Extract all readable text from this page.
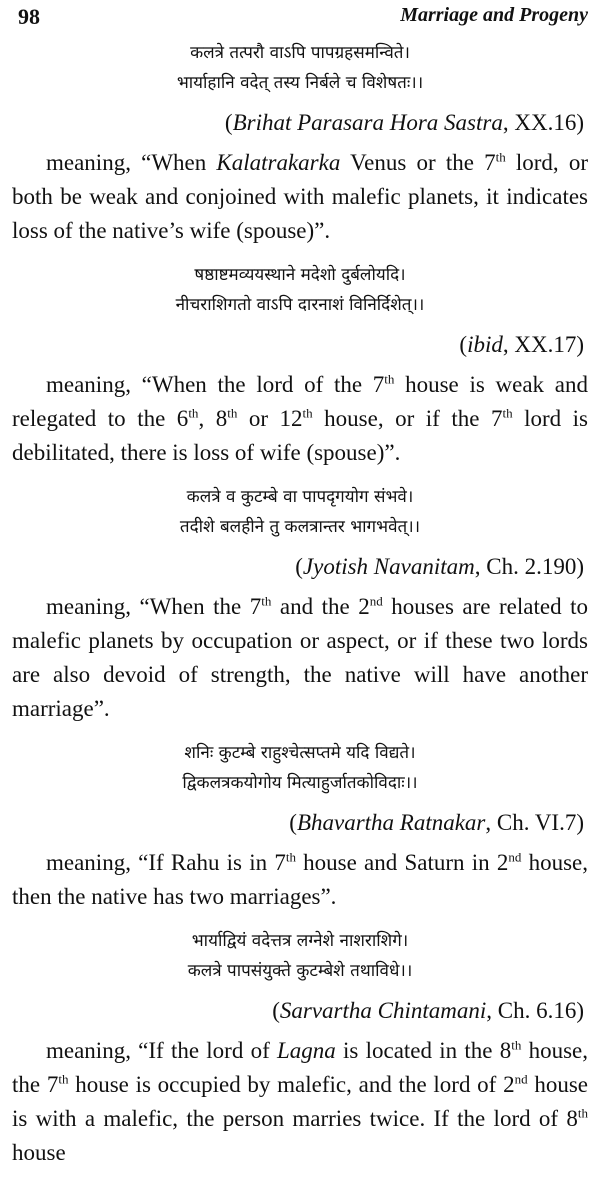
98	Marriage and Progeny
कलत्रे तत्परौ वाऽपि पापग्रहसमन्विते।
भार्याहानि वदेत् तस्य निर्बले च विशेषतः।।
(Brihat Parasara Hora Sastra, XX.16)

meaning, “When Kalatrakarka Venus or the 7th lord, or both be weak and conjoined with malefic planets, it indicates loss of the native’s wife (spouse)”.

षष्ठाष्टमव्ययस्थाने मदेशो दुर्बलोयदि।
नीचराशिगतो वाऽपि दारनाशं विनिर्दिशेत्।।
(ibid, XX.17)

meaning, “When the lord of the 7th house is weak and relegated to the 6th, 8th or 12th house, or if the 7th lord is debilitated, there is loss of wife (spouse)”.

कलत्रे व कुटम्बे वा पापदृगयोग संभवे।
तदीशे बलहीने तु कलत्रान्तर भागभवेत्।।
(Jyotish Navanitam, Ch. 2.190)

meaning, “When the 7th and the 2nd houses are related to malefic planets by occupation or aspect, or if these two lords are also devoid of strength, the native will have another marriage”.

शनिः कुटम्बे राहुश्चेत्सप्तमे यदि विद्यते।
द्विकलत्रकयोगोय मित्याहुर्जातकोविदाः।।
(Bhavartha Ratnakar, Ch. VI.7)

meaning, “If Rahu is in 7th house and Saturn in 2nd house, then the native has two marriages”.

भार्याद्वियं वदेत्तत्र लग्नेशे नाशराशिगे।
कलत्रे पापसंयुक्ते कुटम्बेशे तथाविधे।।
(Sarvartha Chintamani, Ch. 6.16)

meaning, “If the lord of Lagna is located in the 8th house, the 7th house is occupied by malefic, and the lord of 2nd house is with a malefic, the person marries twice. If the lord of 8th house
